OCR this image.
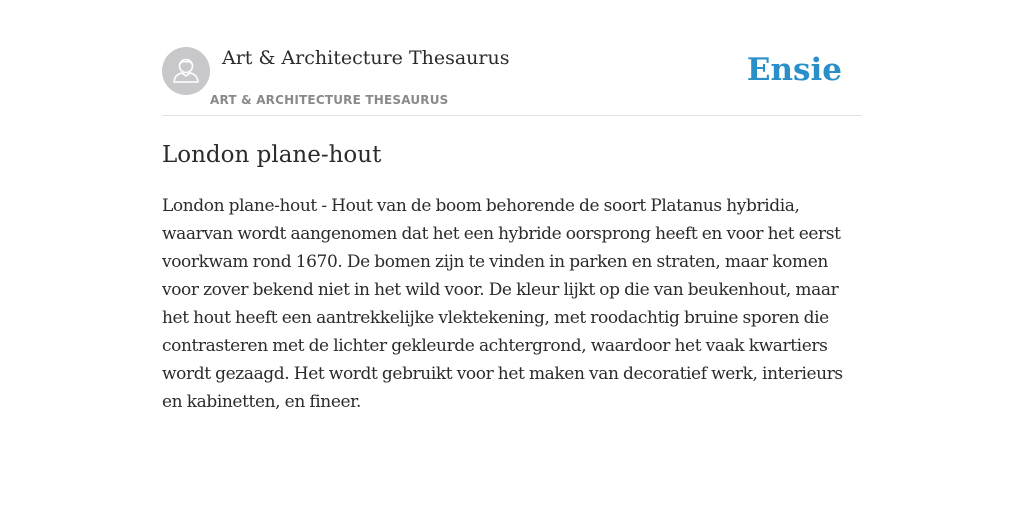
Art & Architecture Thesaurus
ART & ARCHITECTURE THESAURUS
Ensie
London plane-hout

London plane-hout - Hout van de boom behorende de soort Platanus hybridia, waarvan wordt aangenomen dat het een hybride oorsprong heeft en voor het eerst voorkwam rond 1670. De bomen zijn te vinden in parken en straten, maar komen voor zover bekend niet in het wild voor. De kleur lijkt op die van beukenhout, maar het hout heeft een aantrekkelijke vlektekening, met roodachtig bruine sporen die contrasteren met de lichter gekleurde achtergrond, waardoor het vaak kwartiers wordt gezaagd. Het wordt gebruikt voor het maken van decoratief werk, interieurs en kabinetten, en fineer.
